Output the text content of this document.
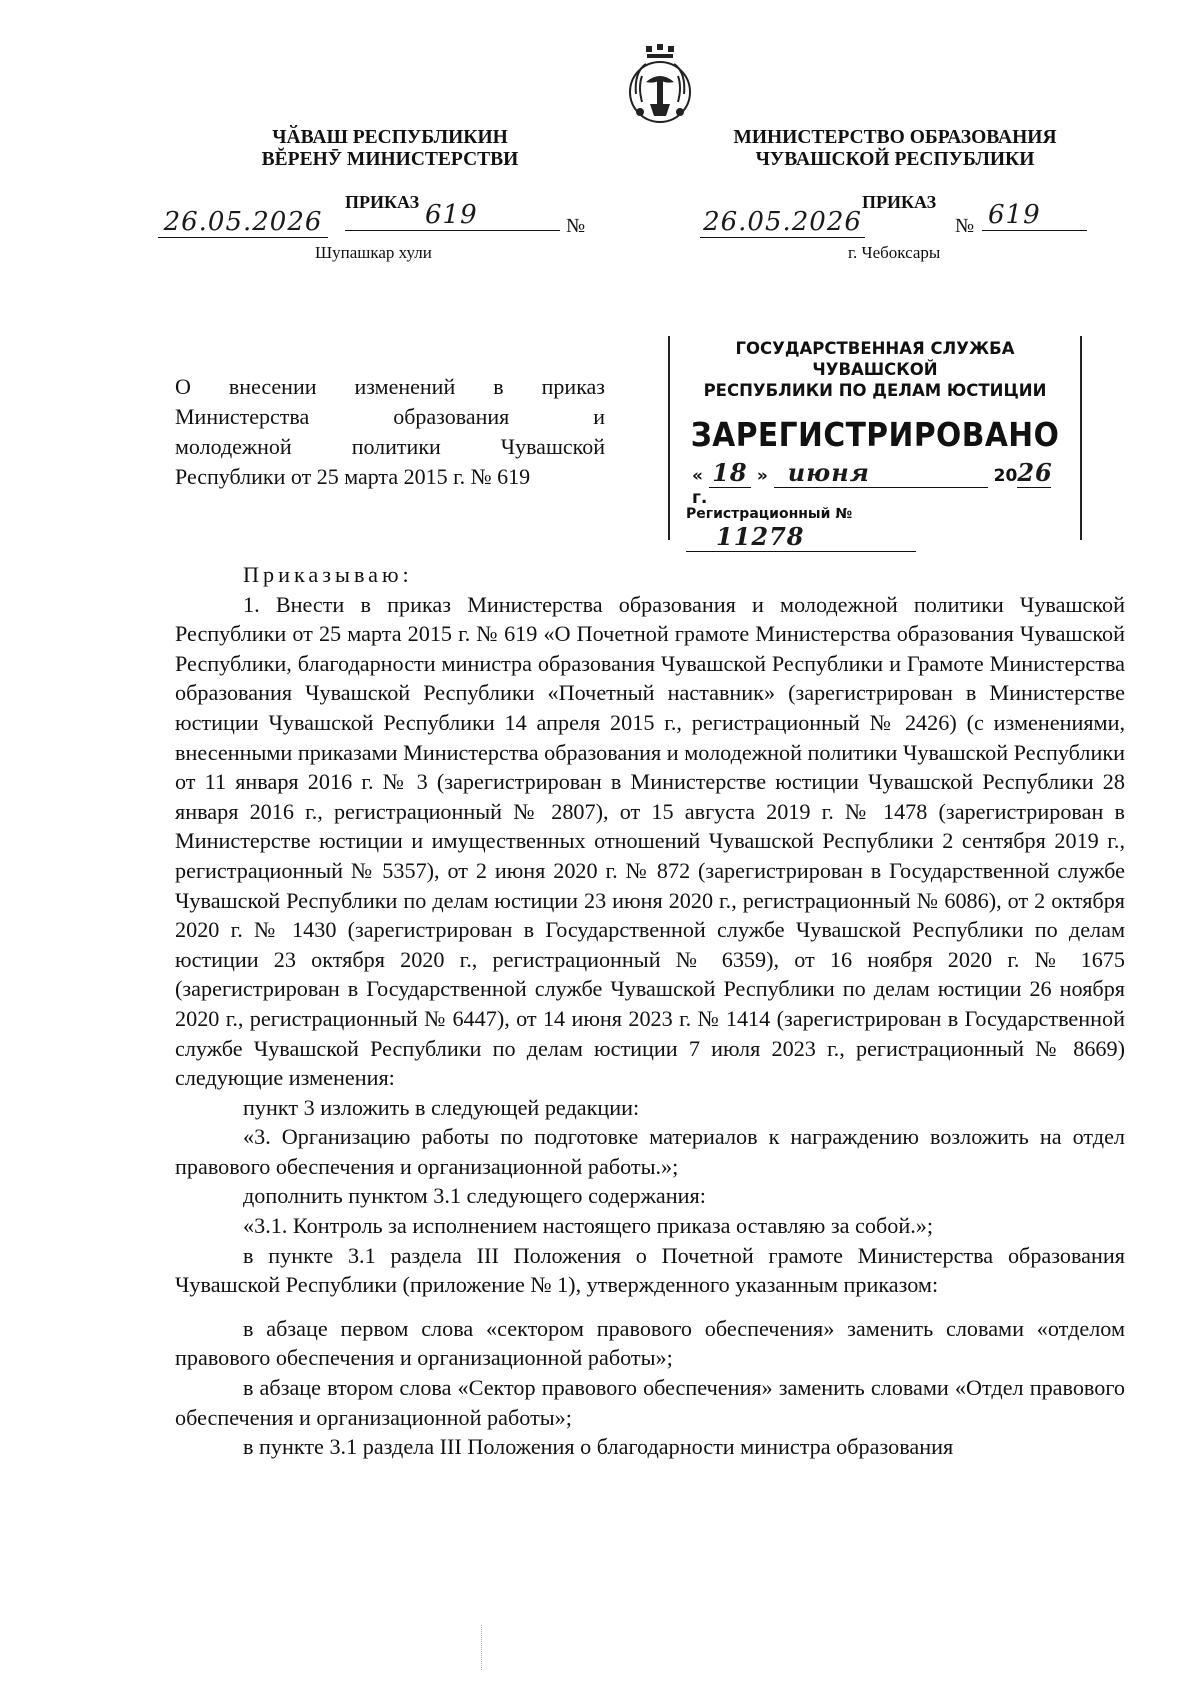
ЧӐВАШ РЕСПУБЛИКИН
ВĔРЕНӮ МИНИСТЕРСТВИ
МИНИСТЕРСТВО ОБРАЗОВАНИЯ
ЧУВАШСКОЙ РЕСПУБЛИКИ
ПРИКАЗ
26.05.2026	619	№
Шупашкар хули
ПРИКАЗ
26.05.2026	№ 619
г. Чебоксары
О внесении изменений в приказ
Министерства образования и
молодежной политики Чувашской
Республики от 25 марта 2015 г. № 619
ГОСУДАРСТВЕННАЯ СЛУЖБА ЧУВАШСКОЙ
РЕСПУБЛИКИ ПО ДЕЛАМ ЮСТИЦИИ
ЗАРЕГИСТРИРОВАНО
« 18 » июня	2026 г.
Регистрационный № 11278

Приказываю:

1. Внести в приказ Министерства образования и молодежной политики Чувашской Республики от 25 марта 2015 г. № 619 «О Почетной грамоте Министерства образования Чувашской Республики, благодарности министра образования Чувашской Республики и Грамоте Министерства образования Чувашской Республики «Почетный наставник» (зарегистрирован в Министерстве юстиции Чувашской Республики 14 апреля 2015 г., регистрационный № 2426) (с изменениями, внесенными приказами Министерства образования и молодежной политики Чувашской Республики от 11 января 2016 г. № 3 (зарегистрирован в Министерстве юстиции Чувашской Республики 28 января 2016 г., регистрационный № 2807), от 15 августа 2019 г. № 1478 (зарегистрирован в Министерстве юстиции и имущественных отношений Чувашской Республики 2 сентября 2019 г., регистрационный № 5357), от 2 июня 2020 г. № 872 (зарегистрирован в Государственной службе Чувашской Республики по делам юстиции 23 июня 2020 г., регистрационный № 6086), от 2 октября 2020 г. № 1430 (зарегистрирован в Государственной службе Чувашской Республики по делам юстиции 23 октября 2020 г., регистрационный № 6359), от 16 ноября 2020 г. № 1675 (зарегистрирован в Государственной службе Чувашской Республики по делам юстиции 26 ноября 2020 г., регистрационный № 6447), от 14 июня 2023 г. № 1414 (зарегистрирован в Государственной службе Чувашской Республики по делам юстиции 7 июля 2023 г., регистрационный № 8669) следующие изменения:

пункт 3 изложить в следующей редакции:

«3. Организацию работы по подготовке материалов к награждению возложить на отдел правового обеспечения и организационной работы.»;

дополнить пунктом 3.1 следующего содержания:

«3.1. Контроль за исполнением настоящего приказа оставляю за собой.»;

в пункте 3.1 раздела III Положения о Почетной грамоте Министерства образования Чувашской Республики (приложение № 1), утвержденного указанным приказом:

в абзаце первом слова «сектором правового обеспечения» заменить словами «отделом правового обеспечения и организационной работы»;

в абзаце втором слова «Сектор правового обеспечения» заменить словами «Отдел правового обеспечения и организационной работы»;

в пункте 3.1 раздела III Положения о благодарности министра образования
